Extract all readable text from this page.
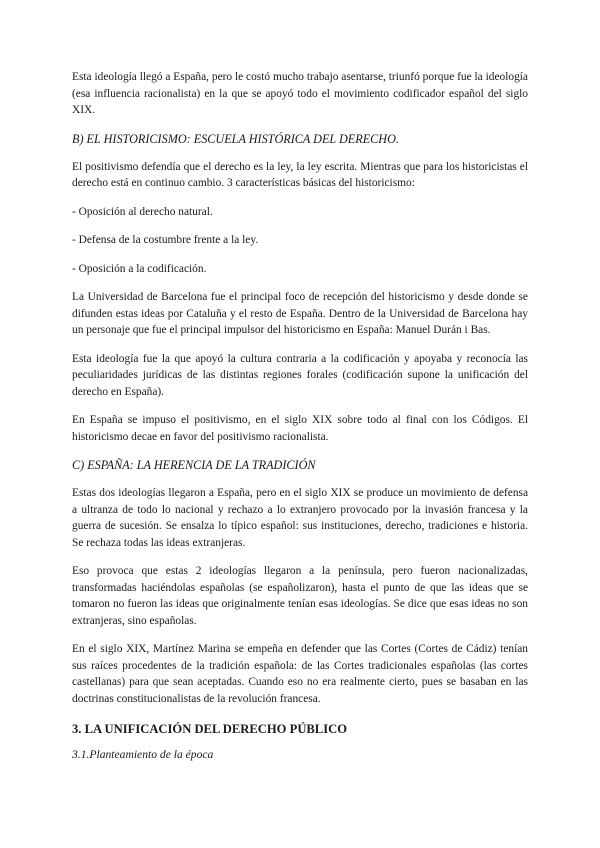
Esta ideología llegó a España, pero le costó mucho trabajo asentarse, triunfó porque fue la ideología (esa influencia racionalista) en la que se apoyó todo el movimiento codificador español del siglo XIX.

B) EL HISTORICISMO: ESCUELA HISTÓRICA DEL DERECHO.

El positivismo defendía que el derecho es la ley, la ley escrita. Mientras que para los historicistas el derecho está en continuo cambio. 3 características básicas del historicismo:

- Oposición al derecho natural.

- Defensa de la costumbre frente a la ley.

- Oposición a la codificación.

La Universidad de Barcelona fue el principal foco de recepción del historicismo y desde donde se difunden estas ideas por Cataluña y el resto de España. Dentro de la Universidad de Barcelona hay un personaje que fue el principal impulsor del historicismo en España: Manuel Durán i Bas.

Esta ideología fue la que apoyó la cultura contraria a la codificación y apoyaba y reconocía las peculiaridades jurídicas de las distintas regiones forales (codificación supone la unificación del derecho en España).

En España se impuso el positivismo, en el siglo XIX sobre todo al final con los Códigos. El historicismo decae en favor del positivismo racionalista.

C) ESPAÑA: LA HERENCIA DE LA TRADICIÓN

Estas dos ideologías llegaron a España, pero en el siglo XIX se produce un movimiento de defensa a ultranza de todo lo nacional y rechazo a lo extranjero provocado por la invasión francesa y la guerra de sucesión. Se ensalza lo típico español: sus instituciones, derecho, tradiciones e historia. Se rechaza todas las ideas extranjeras.

Eso provoca que estas 2 ideologías llegaron a la península, pero fueron nacionalizadas, transformadas haciéndolas españolas (se españolizaron), hasta el punto de que las ideas que se tomaron no fueron las ideas que originalmente tenían esas ideologías. Se dice que esas ideas no son extranjeras, sino españolas.

En el siglo XIX, Martínez Marina se empeña en defender que las Cortes (Cortes de Cádiz) tenían sus raíces procedentes de la tradición española: de las Cortes tradicionales españolas (las cortes castellanas) para que sean aceptadas. Cuando eso no era realmente cierto, pues se basaban en las doctrinas constitucionalistas de la revolución francesa.

3. LA UNIFICACIÓN DEL DERECHO PÚBLICO

3.1.Planteamiento de la época
